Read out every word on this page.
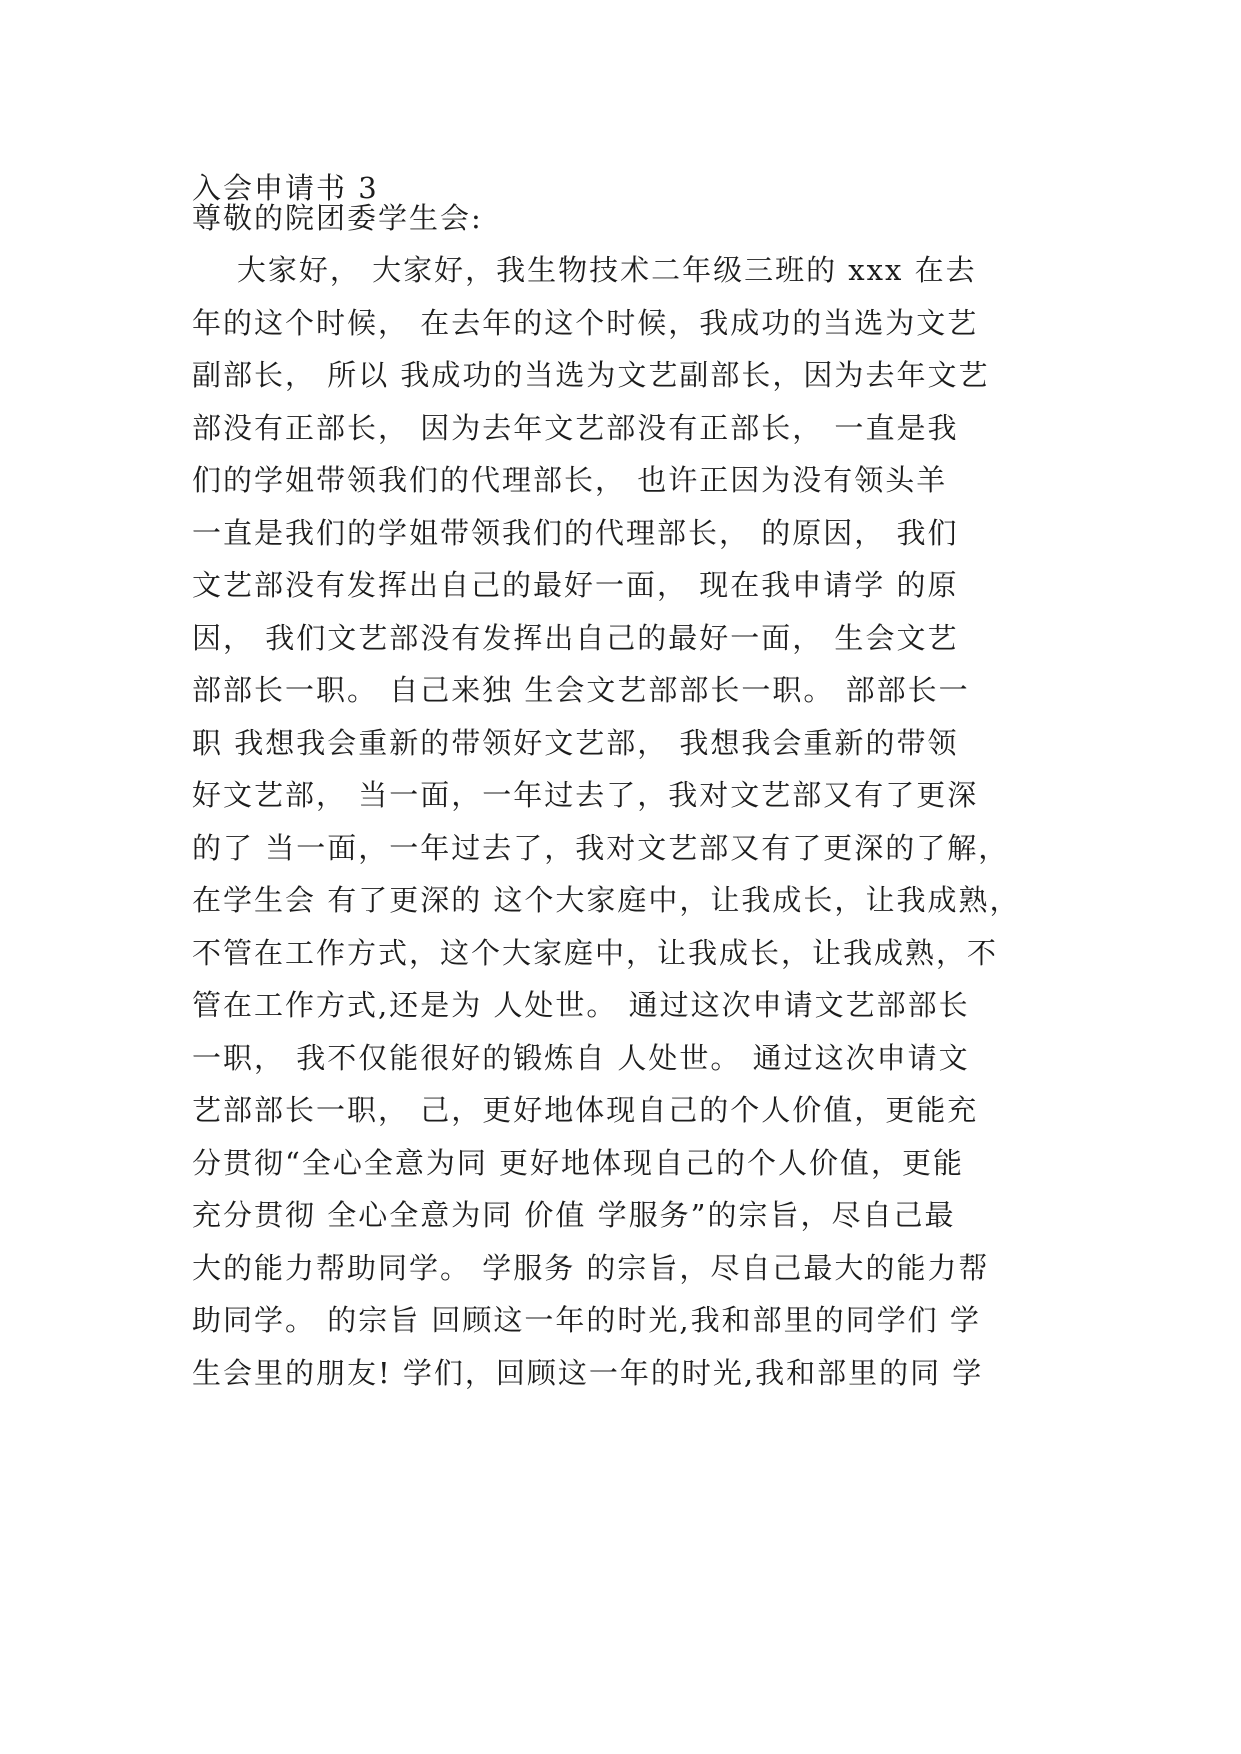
入会申请书 3

尊敬的院团委学生会:

大家好， 大家好，我生物技术二年级三班的 xxx 在去

年的这个时候， 在去年的这个时候，我成功的当选为文艺

副部长， 所以 我成功的当选为文艺副部长，因为去年文艺

部没有正部长， 因为去年文艺部没有正部长， 一直是我

们的学姐带领我们的代理部长， 也许正因为没有领头羊

一直是我们的学姐带领我们的代理部长， 的原因， 我们

文艺部没有发挥出自己的最好一面， 现在我申请学 的原

因， 我们文艺部没有发挥出自己的最好一面， 生会文艺

部部长一职。 自己来独 生会文艺部部长一职。 部部长一

职 我想我会重新的带领好文艺部， 我想我会重新的带领

好文艺部， 当一面，一年过去了，我对文艺部又有了更深

的了 当一面，一年过去了，我对文艺部又有了更深的了解，

在学生会 有了更深的 这个大家庭中，让我成长，让我成熟，

不管在工作方式，这个大家庭中，让我成长，让我成熟，不

管在工作方式,还是为 人处世。 通过这次申请文艺部部长

一职， 我不仅能很好的锻炼自 人处世。 通过这次申请文

艺部部长一职， 己，更好地体现自己的个人价值，更能充

分贯彻“全心全意为同 更好地体现自己的个人价值，更能

充分贯彻 全心全意为同 价值 学服务”的宗旨，尽自己最

大的能力帮助同学。 学服务 的宗旨，尽自己最大的能力帮

助同学。 的宗旨 回顾这一年的时光,我和部里的同学们 学

生会里的朋友! 学们，回顾这一年的时光,我和部里的同 学
